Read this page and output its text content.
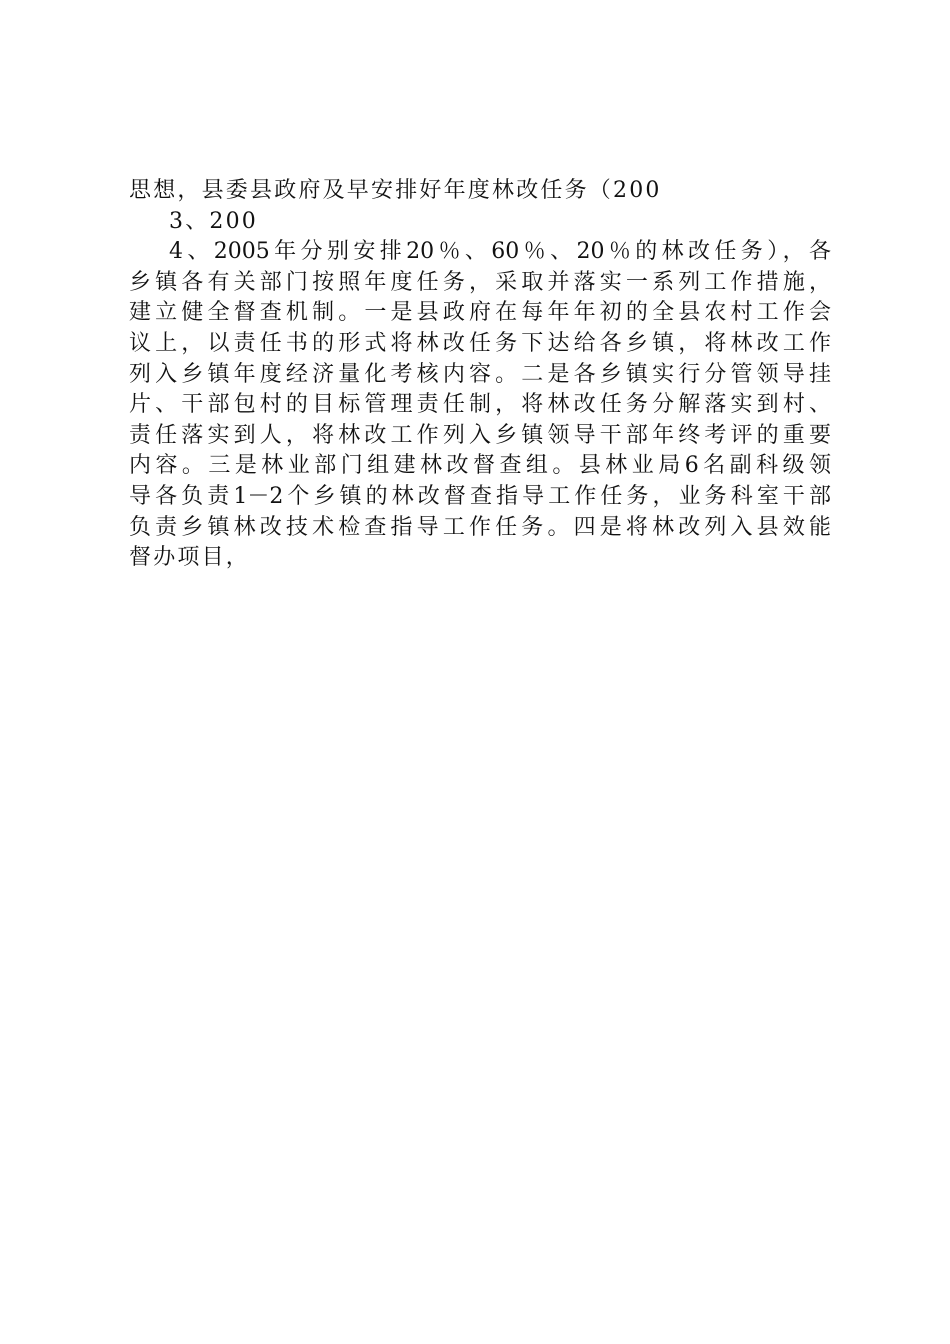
思想，县委县政府及早安排好年度林改任务（200
3、200
4、2005年分别安排20％、60％、20％的林改任务），各
乡镇各有关部门按照年度任务，采取并落实一系列工作措施，
建立健全督查机制。一是县政府在每年年初的全县农村工作会
议上，以责任书的形式将林改任务下达给各乡镇，将林改工作
列入乡镇年度经济量化考核内容。二是各乡镇实行分管领导挂
片、干部包村的目标管理责任制，将林改任务分解落实到村、
责任落实到人，将林改工作列入乡镇领导干部年终考评的重要
内容。三是林业部门组建林改督查组。县林业局6名副科级领
导各负责1－2个乡镇的林改督查指导工作任务，业务科室干部
负责乡镇林改技术检查指导工作任务。四是将林改列入县效能
督办项目，
